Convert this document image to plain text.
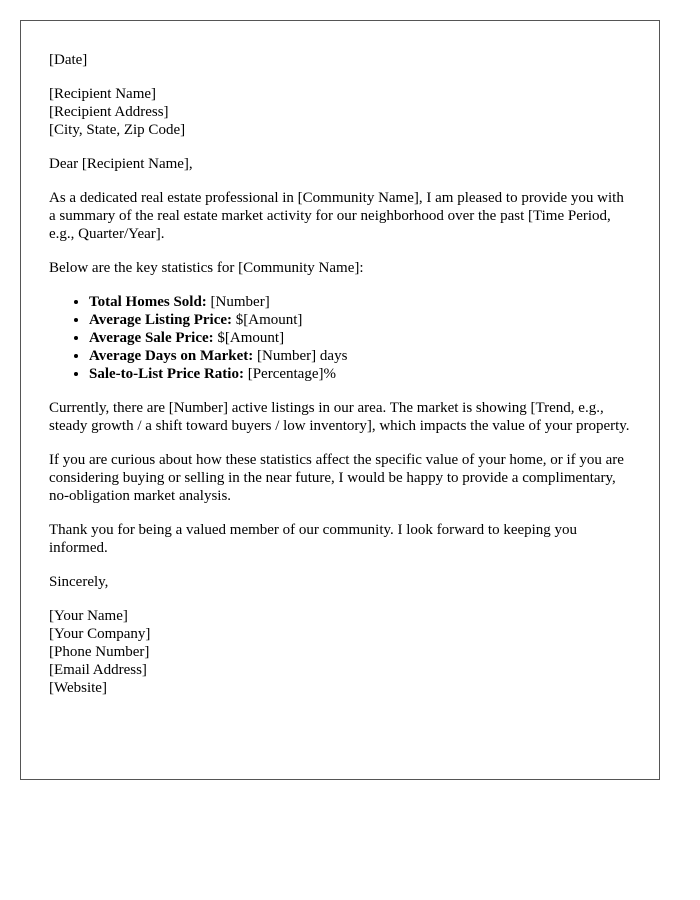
[Date]
[Recipient Name]
[Recipient Address]
[City, State, Zip Code]
Dear [Recipient Name],
As a dedicated real estate professional in [Community Name], I am pleased to provide you with a summary of the real estate market activity for our neighborhood over the past [Time Period, e.g., Quarter/Year].
Below are the key statistics for [Community Name]:
• Total Homes Sold: [Number]
• Average Listing Price: $[Amount]
• Average Sale Price: $[Amount]
• Average Days on Market: [Number] days
• Sale-to-List Price Ratio: [Percentage]%
Currently, there are [Number] active listings in our area. The market is showing [Trend, e.g., steady growth / a shift toward buyers / low inventory], which impacts the value of your property.
If you are curious about how these statistics affect the specific value of your home, or if you are considering buying or selling in the near future, I would be happy to provide a complimentary, no-obligation market analysis.
Thank you for being a valued member of our community. I look forward to keeping you informed.
Sincerely,
[Your Name]
[Your Company]
[Phone Number]
[Email Address]
[Website]
